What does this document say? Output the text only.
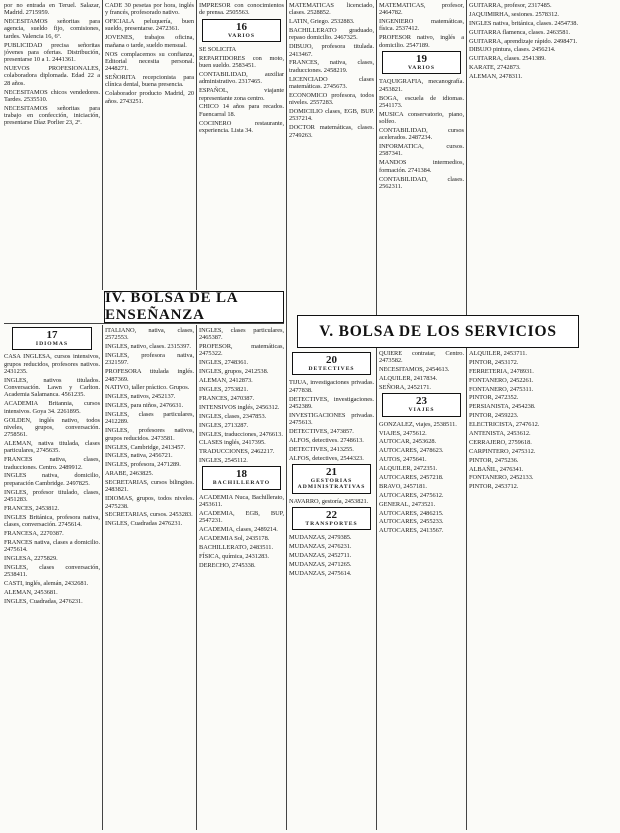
por no entrada en Teruel. Salazar, Madrid. 2715959.

NECESITAMOS señoritas para agencia, sueldo fijo, comisiones, tardes. Valencia 16, 6º.

PUBLICIDAD precisa señoritas jóvenes para ofertas. Distribución, presentarse 10 a 1. 2441361.

NUEVOS PROFESIONALES, colaboradora diplomada. Edad 22 a 28 años.

NECESITAMOS chicos vendedores. Tardes. 2535510.

NECESITAMOS señoritas para trabajo en confección, iniciación, presentarse Díaz Porlier 23, 2º.

CADE 30 pesetas por hora, inglés y francés, profesorado nativo.

OFICIALA peluquería, buen sueldo, presentarse. 2472361.

JOVENES, trabajos oficina, mañana o tarde, sueldo mensual.

NOS complacemos su confianza, Editorial necesita personal. 2448271.

SEÑORITA recepcionista para clínica dental, buena presencia.

Colaborador producto Madrid, 20 años. 2743251.

IMPRESOR con conocimientos de prensa. 2505563.

16
VARIOS

SE SOLICITA

REPARTIDORES con moto, buen sueldo. 2583451.

CONTABILIDAD, auxiliar administrativo. 2317465.

ESPAÑOL, viajante representante zona centro.

CHICO 14 años para recados. Fuencarral 18.

COCINERO restaurante, experiencia. Lista 34.

MATEMATICAS licenciado, clases. 2528852.

LATIN, Griego. 2532883.

BACHILLERATO graduado, repaso domicilio. 2467325.

DIBUJO, profesora titulada. 2413467.

FRANCES, nativa, clases, traducciones. 2458219.

LICENCIADO clases matemáticas. 2745673.

ECONOMICO profesora, todos niveles. 2557283.

DOMICILIO clases, EGB, BUP. 2537214.

DOCTOR matemáticas, clases. 2749263.

MATEMATICAS, profesor, 2464782.

INGENIERO matemáticas, física. 2537412.

PROFESOR nativo, inglés a domicilio. 2547189.

19
VARIOS

TAQUIGRAFIA, mecanografía. 2453821.

BOGA, escuela de idiomas. 2541173.

MUSICA conservatorio, piano, solfeo.

CONTABILIDAD, cursos acelerados. 2487234.

INFORMATICA, cursos. 2587341.

MANDOS intermedios, formación. 2741384.

CONTABILIDAD, clases. 2562311.

GUITARRA, profesor, 2317485.

JAQUIMIRHA, sesiones. 2578312.

INGLES nativa, británica, clases. 2454738.

GUITARRA flamenca, clases. 2463581.

GUITARRA, aprendizaje rápido. 2498471.

DIBUJO pintura, clases. 2456214.

GUITARRA, clases. 2541389.

KARATE, 2742873.

ALEMAN, 2478311.

IV. BOLSA DE LA ENSEÑANZA
V. BOLSA DE LOS SERVICIOS
17
IDIOMAS

CASA INGLESA, cursos intensivos, grupos reducidos, profesores nativos. 2431235.

INGLES, nativos titulados. Conversación. Lawn y Carlton. Academia Salamanca. 4561235.

ACADEMIA Britannia, cursos intensivos. Goya 34. 2261895.

GOLDEN, inglés nativo, todos niveles, grupos, conversación. 2758561.

ALEMAN, nativa titulada, clases particulares, 2745635.

FRANCES nativa, clases, traducciones. Centro. 2489912.

INGLES nativa, domicilio, preparación Cambridge. 2497825.

INGLES, profesor titulado, clases, 2451283.

FRANCES, 2453812.

INGLES Británica, profesora nativa, clases, conversación. 2745614.

FRANCESA, 2270387.

FRANCES nativa, clases a domicilio. 2475614.

INGLESA, 2275829.

INGLES, clases conversación, 2538411.

CASTI, inglés, alemán, 2432681.

ALEMAN, 2453681.

INGLES, Cuadradas, 2476231.

ITALIANO, nativa, clases, 2572553.

INGLES, nativo, clases. 2315397.

INGLES, profesora nativa, 2321597.

PROFESORA titulada inglés. 2487369.

NATIVO, taller práctico. Grupos.

INGLES, nativos, 2452137.

INGLES, para niños, 2476631.

INGLES, clases particulares, 2412289.

INGLES, profesores nativos, grupos reducidos. 2473581.

INGLES, Cambridge, 2413457.

INGLES, nativa, 2456721.

INGLES, profesora, 2471289.

ARABE, 2463825.

SECRETARIAS, cursos bilingües. 2483821.

IDIOMAS, grupos, todos niveles. 2475238.

SECRETARIAS, cursos. 2453283.

INGLES, Cuadradas 2476231.

INGLES, clases particulares, 2465387.

PROFESOR, matemáticas, 2475322.

INGLES, 2748361.

INGLES, grupos, 2412538.

ALEMAN, 2412873.

INGLES, 2753821.

FRANCES, 2470387.

INTENSIVOS inglés, 2456312.

INGLES, clases, 2347853.

INGLES, 2713287.

INGLES, traducciones, 2476613.

CLASES inglés, 2417395.

TRADUCCIONES, 2462217.

INGLES, 2545112.

18
BACHILLERATO

ACADEMIA Nuca, Bachillerato, 2453611.

ACADEMIA, EGB, BUP, 2547231.

ACADEMIA, clases, 2489214.

ACADEMIA Sol, 2435178.

BACHILLERATO, 2483511.

FÍSICA, química, 2431283.

DERECHO, 2745338.

20
DETECTIVES

TIJUA, investigaciones privadas. 2477838.

DETECTIVES, investigaciones. 2452389.

INVESTIGACIONES privadas. 2475613.

DETECTIVES, 2473857.

ALFOS, detectives. 2748613.

DETECTIVES, 2413255.

ALFOS, detectives, 2544323.

21
GESTORIAS ADMINISTRATIVAS

NAVARRO, gestoría, 2453821.

22
TRANSPORTES

MUDANZAS, 2479385.

MUDANZAS, 2476231.

MUDANZAS, 2452711.

MUDANZAS, 2471265.

MUDANZAS, 2475614.

QUIERE contratar, Centro. 2473582.

NECESITAMOS, 2454613.

ALQUILER, 2417834.

SEÑORA, 2452171.

23
VIAJES

GONZALEZ, viajes, 2538511.

VIAJES, 2475612.

AUTOCAR, 2453628.

AUTOCARES, 2478623.

AUTOS, 2475641.

ALQUILER, 2472351.

AUTOCARES, 2457218.

BRAVO, 2457181.

AUTOCARES, 2475612.

GENERAL, 2473521.

AUTOCARES, 2486215.

AUTOCARES, 2455233.

AUTOCARES, 2413567.

ALQUILER, 2453711.

PINTOR, 2453172.

FERRETERIA, 2478931.

FONTANERO, 2452261.

FONTANERO, 2475311.

PINTOR, 2472352.

PERSIANISTA, 2454238.

PINTOR, 2459223.

ELECTRICISTA, 2747612.

ANTENISTA, 2453612.

CERRAJERO, 2759618.

CARPINTERO, 2475312.

PINTOR, 2475236.

ALBAÑIL, 2476341.

FONTANERO, 2452133.

PINTOR, 2453712.
